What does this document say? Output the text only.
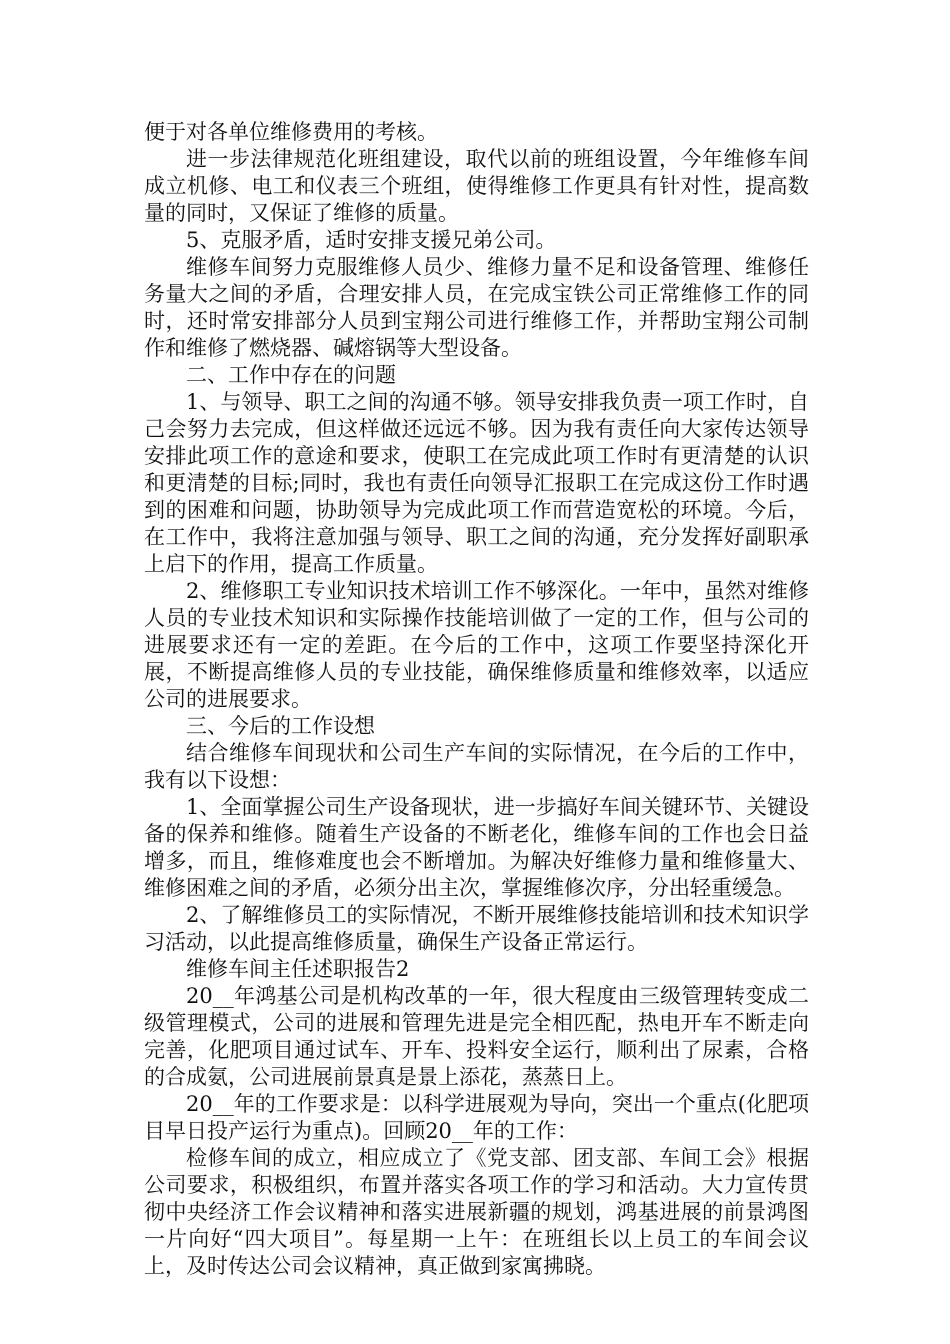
便于对各单位维修费用的考核。

进一步法律规范化班组建设，取代以前的班组设置，今年维修车间成立机修、电工和仪表三个班组，使得维修工作更具有针对性，提高数量的同时，又保证了维修的质量。

5、克服矛盾，适时安排支援兄弟公司。

维修车间努力克服维修人员少、维修力量不足和设备管理、维修任务量大之间的矛盾，合理安排人员，在完成宝铁公司正常维修工作的同时，还时常安排部分人员到宝翔公司进行维修工作，并帮助宝翔公司制作和维修了燃烧器、碱熔锅等大型设备。

二、工作中存在的问题

1、与领导、职工之间的沟通不够。领导安排我负责一项工作时，自己会努力去完成，但这样做还远远不够。因为我有责任向大家传达领导安排此项工作的意途和要求，使职工在完成此项工作时有更清楚的认识和更清楚的目标;同时，我也有责任向领导汇报职工在完成这份工作时遇到的困难和问题，协助领导为完成此项工作而营造宽松的环境。今后，在工作中，我将注意加强与领导、职工之间的沟通，充分发挥好副职承上启下的作用，提高工作质量。

2、维修职工专业知识技术培训工作不够深化。一年中，虽然对维修人员的专业技术知识和实际操作技能培训做了一定的工作，但与公司的进展要求还有一定的差距。在今后的工作中，这项工作要坚持深化开展，不断提高维修人员的专业技能，确保维修质量和维修效率，以适应公司的进展要求。

三、今后的工作设想

结合维修车间现状和公司生产车间的实际情况，在今后的工作中，我有以下设想：

1、全面掌握公司生产设备现状，进一步搞好车间关键环节、关键设备的保养和维修。随着生产设备的不断老化，维修车间的工作也会日益增多，而且，维修难度也会不断增加。为解决好维修力量和维修量大、维修困难之间的矛盾，必须分出主次，掌握维修次序，分出轻重缓急。

2、了解维修员工的实际情况，不断开展维修技能培训和技术知识学习活动，以此提高维修质量，确保生产设备正常运行。

维修车间主任述职报告2

20__年鸿基公司是机构改革的一年，很大程度由三级管理转变成二级管理模式，公司的进展和管理先进是完全相匹配，热电开车不断走向完善，化肥项目通过试车、开车、投料安全运行，顺利出了尿素，合格的合成氨，公司进展前景真是景上添花，蒸蒸日上。

20__年的工作要求是：以科学进展观为导向，突出一个重点(化肥项目早日投产运行为重点)。回顾20__年的工作：

检修车间的成立，相应成立了《党支部、团支部、车间工会》根据公司要求，积极组织，布置并落实各项工作的学习和活动。大力宣传贯彻中央经济工作会议精神和落实进展新疆的规划，鸿基进展的前景鸿图一片向好“四大项目”。每星期一上午：在班组长以上员工的车间会议上，及时传达公司会议精神，真正做到家寓拂晓。
